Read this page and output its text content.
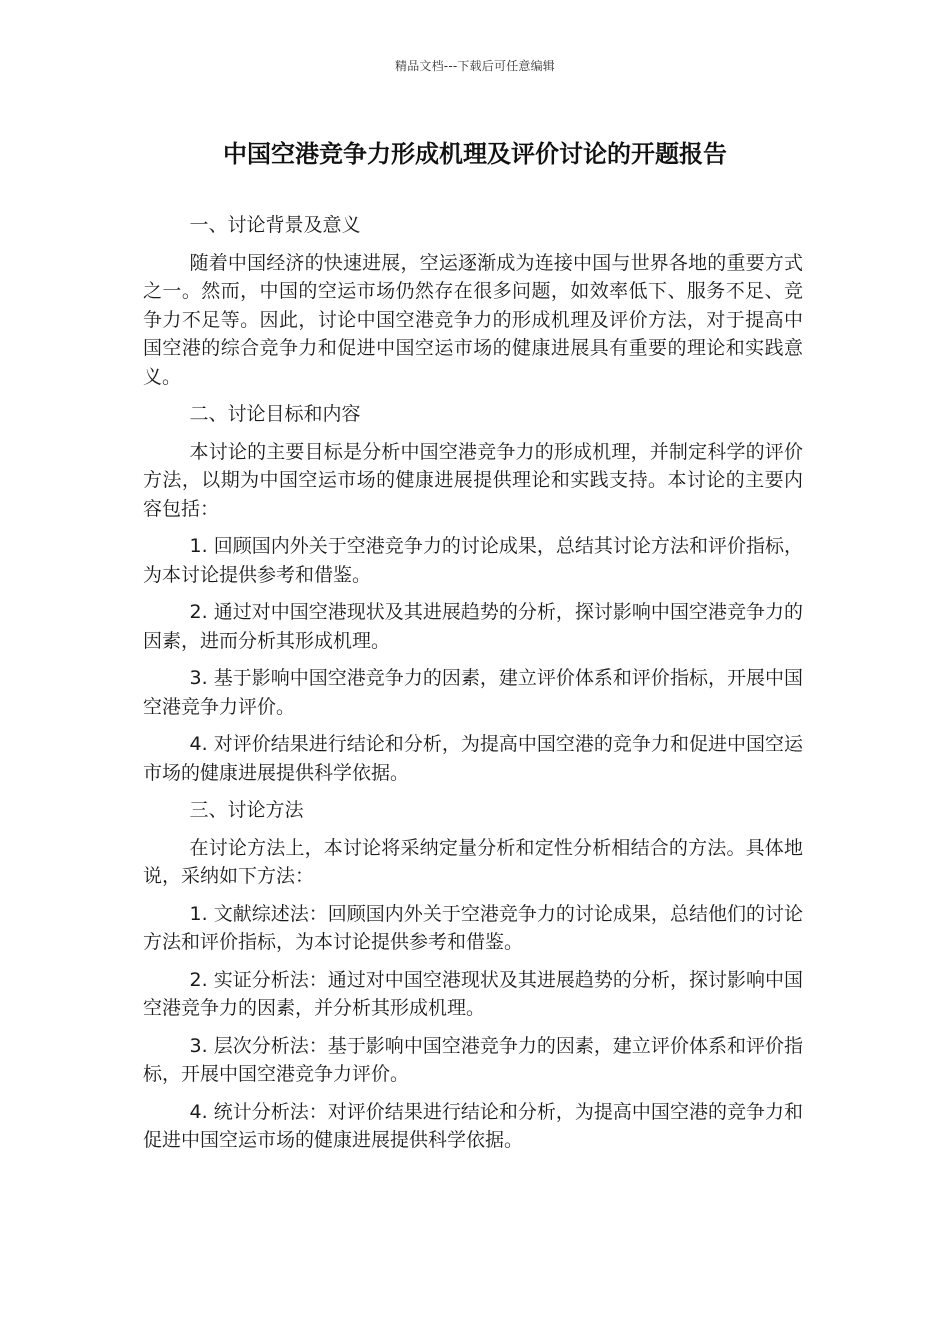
精品文档---下载后可任意编辑
中国空港竞争力形成机理及评价讨论的开题报告

一、讨论背景及意义

随着中国经济的快速进展，空运逐渐成为连接中国与世界各地的重要方式之一。然而，中国的空运市场仍然存在很多问题，如效率低下、服务不足、竞争力不足等。因此，讨论中国空港竞争力的形成机理及评价方法，对于提高中国空港的综合竞争力和促进中国空运市场的健康进展具有重要的理论和实践意义。

二、讨论目标和内容

本讨论的主要目标是分析中国空港竞争力的形成机理，并制定科学的评价方法，以期为中国空运市场的健康进展提供理论和实践支持。本讨论的主要内容包括：

1. 回顾国内外关于空港竞争力的讨论成果，总结其讨论方法和评价指标，为本讨论提供参考和借鉴。

2. 通过对中国空港现状及其进展趋势的分析，探讨影响中国空港竞争力的因素，进而分析其形成机理。

3. 基于影响中国空港竞争力的因素，建立评价体系和评价指标，开展中国空港竞争力评价。

4. 对评价结果进行结论和分析，为提高中国空港的竞争力和促进中国空运市场的健康进展提供科学依据。

三、讨论方法

在讨论方法上，本讨论将采纳定量分析和定性分析相结合的方法。具体地说，采纳如下方法：

1. 文献综述法：回顾国内外关于空港竞争力的讨论成果，总结他们的讨论方法和评价指标，为本讨论提供参考和借鉴。

2. 实证分析法：通过对中国空港现状及其进展趋势的分析，探讨影响中国空港竞争力的因素，并分析其形成机理。

3. 层次分析法：基于影响中国空港竞争力的因素，建立评价体系和评价指标，开展中国空港竞争力评价。

4. 统计分析法：对评价结果进行结论和分析，为提高中国空港的竞争力和促进中国空运市场的健康进展提供科学依据。
